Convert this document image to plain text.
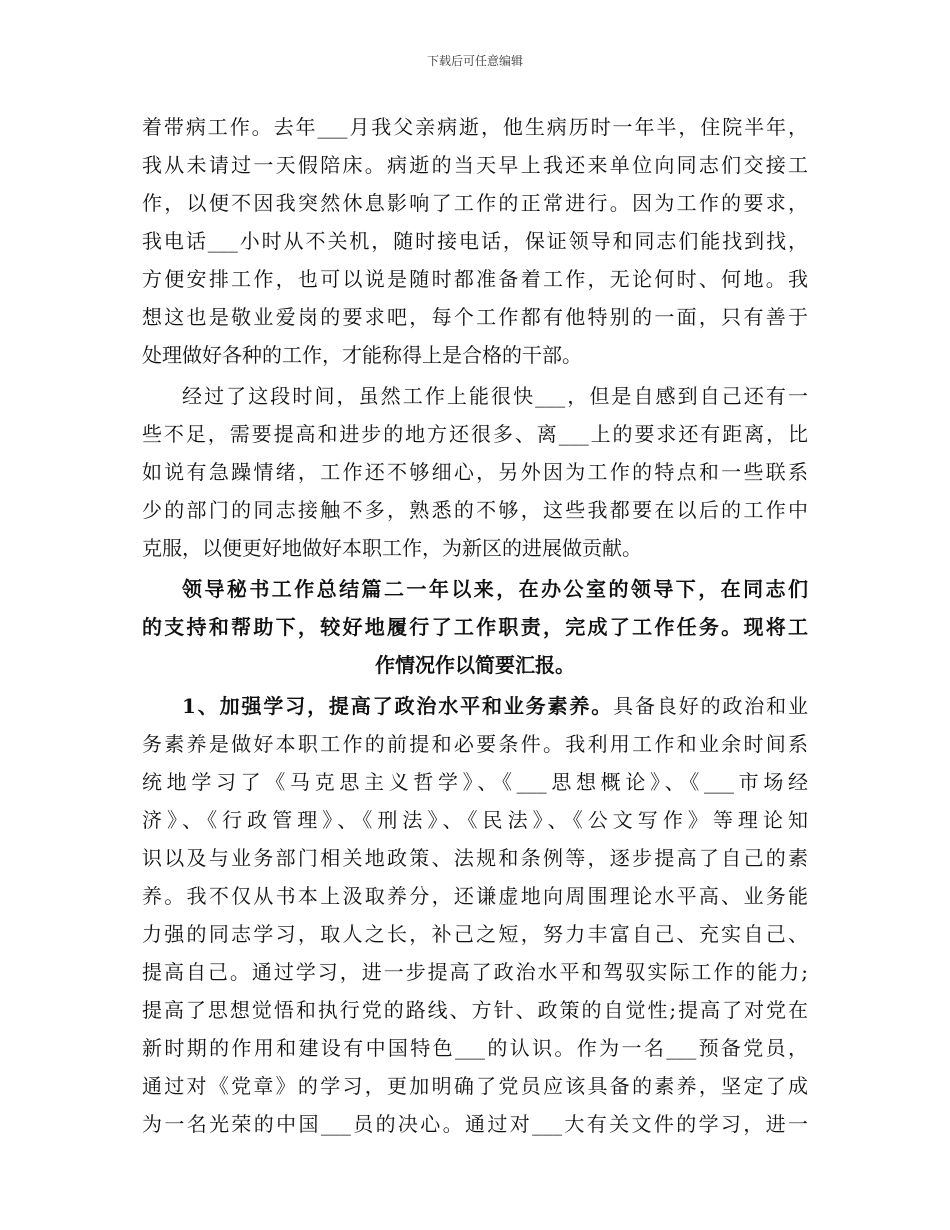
下载后可任意编辑
着带病工作。去年___月我父亲病逝，他生病历时一年半，住院半年，
我从未请过一天假陪床。病逝的当天早上我还来单位向同志们交接工
作，以便不因我突然休息影响了工作的正常进行。因为工作的要求，
我电话___小时从不关机，随时接电话，保证领导和同志们能找到找，
方便安排工作，也可以说是随时都准备着工作，无论何时、何地。我
想这也是敬业爱岗的要求吧，每个工作都有他特别的一面，只有善于
处理做好各种的工作，才能称得上是合格的干部。
经过了这段时间，虽然工作上能很快___，但是自感到自己还有一
些不足，需要提高和进步的地方还很多、离___上的要求还有距离，比
如说有急躁情绪，工作还不够细心，另外因为工作的特点和一些联系
少的部门的同志接触不多，熟悉的不够，这些我都要在以后的工作中
克服，以便更好地做好本职工作，为新区的进展做贡献。
领导秘书工作总结篇二一年以来，在办公室的领导下，在同志们
的支持和帮助下，较好地履行了工作职责，完成了工作任务。现将工
作情况作以简要汇报。
1、加强学习，提高了政治水平和业务素养。具备良好的政治和业
务素养是做好本职工作的前提和必要条件。我利用工作和业余时间系
统地学习了《马克思主义哲学》、《___思想概论》、《___市场经
济》、《行政管理》、《刑法》、《民法》、《公文写作》等理论知
识以及与业务部门相关地政策、法规和条例等，逐步提高了自己的素
养。我不仅从书本上汲取养分，还谦虚地向周围理论水平高、业务能
力强的同志学习，取人之长，补己之短，努力丰富自己、充实自己、
提高自己。通过学习，进一步提高了政治水平和驾驭实际工作的能力;
提高了思想觉悟和执行党的路线、方针、政策的自觉性;提高了对党在
新时期的作用和建设有中国特色___的认识。作为一名___预备党员，
通过对《党章》的学习，更加明确了党员应该具备的素养，坚定了成
为一名光荣的中国___员的决心。通过对___大有关文件的学习，进一
